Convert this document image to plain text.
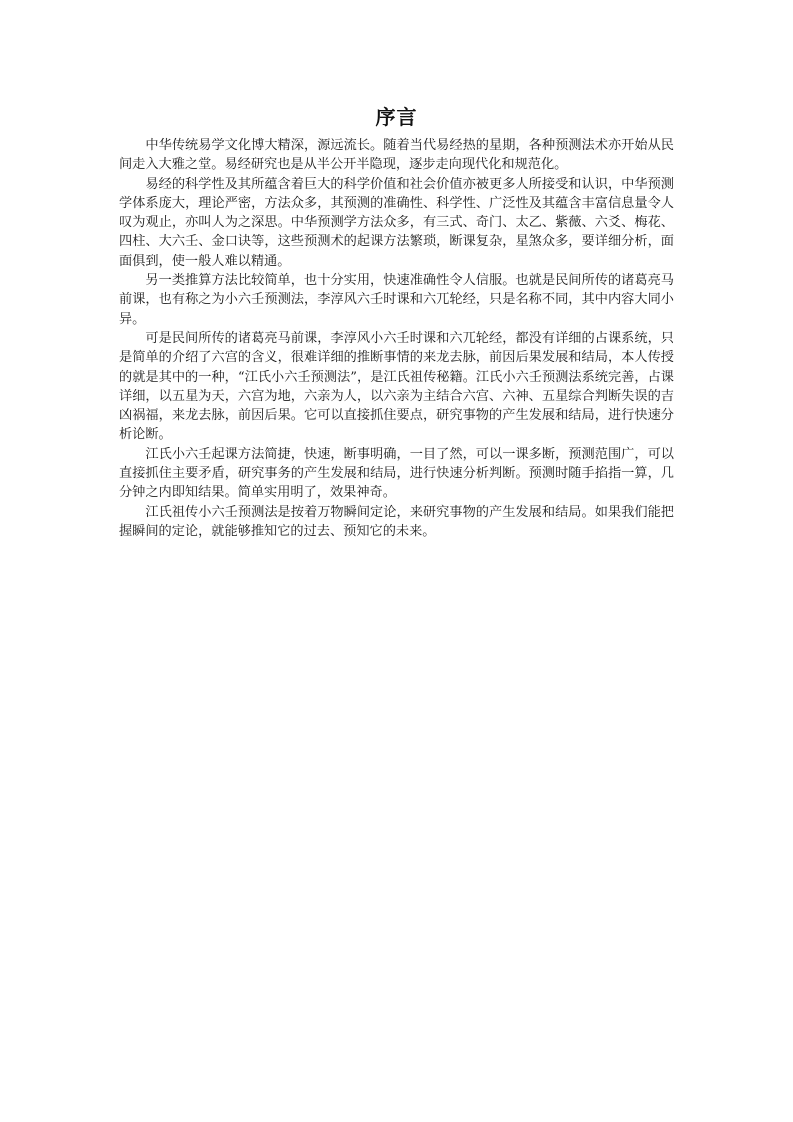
序言

中华传统易学文化博大精深，源远流长。随着当代易经热的星期，各种预测法术亦开始从民间走入大雅之堂。易经研究也是从半公开半隐现，逐步走向现代化和规范化。

易经的科学性及其所蕴含着巨大的科学价值和社会价值亦被更多人所接受和认识，中华预测学体系庞大，理论严密，方法众多，其预测的准确性、科学性、广泛性及其蕴含丰富信息量令人叹为观止，亦叫人为之深思。中华预测学方法众多，有三式、奇门、太乙、紫薇、六爻、梅花、四柱、大六壬、金口诀等，这些预测术的起课方法繁琐，断课复杂，星煞众多，要详细分析，面面俱到，使一般人难以精通。

另一类推算方法比较简单，也十分实用，快速准确性令人信服。也就是民间所传的诸葛亮马前课，也有称之为小六壬预测法，李淳风六壬时课和六兀轮经，只是名称不同，其中内容大同小异。

可是民间所传的诸葛亮马前课，李淳风小六壬时课和六兀轮经，都没有详细的占课系统，只是简单的介绍了六宫的含义，很难详细的推断事情的来龙去脉，前因后果发展和结局，本人传授的就是其中的一种，“江氏小六壬预测法”，是江氏祖传秘籍。江氏小六壬预测法系统完善，占课详细，以五星为天，六宫为地，六亲为人，以六亲为主结合六宫、六神、五星综合判断失误的吉凶祸福，来龙去脉，前因后果。它可以直接抓住要点，研究事物的产生发展和结局，进行快速分析论断。

江氏小六壬起课方法简捷，快速，断事明确，一目了然，可以一课多断，预测范围广，可以直接抓住主要矛盾，研究事务的产生发展和结局，进行快速分析判断。预测时随手掐指一算，几分钟之内即知结果。简单实用明了，效果神奇。

江氏祖传小六壬预测法是按着万物瞬间定论，来研究事物的产生发展和结局。如果我们能把握瞬间的定论，就能够推知它的过去、预知它的未来。
